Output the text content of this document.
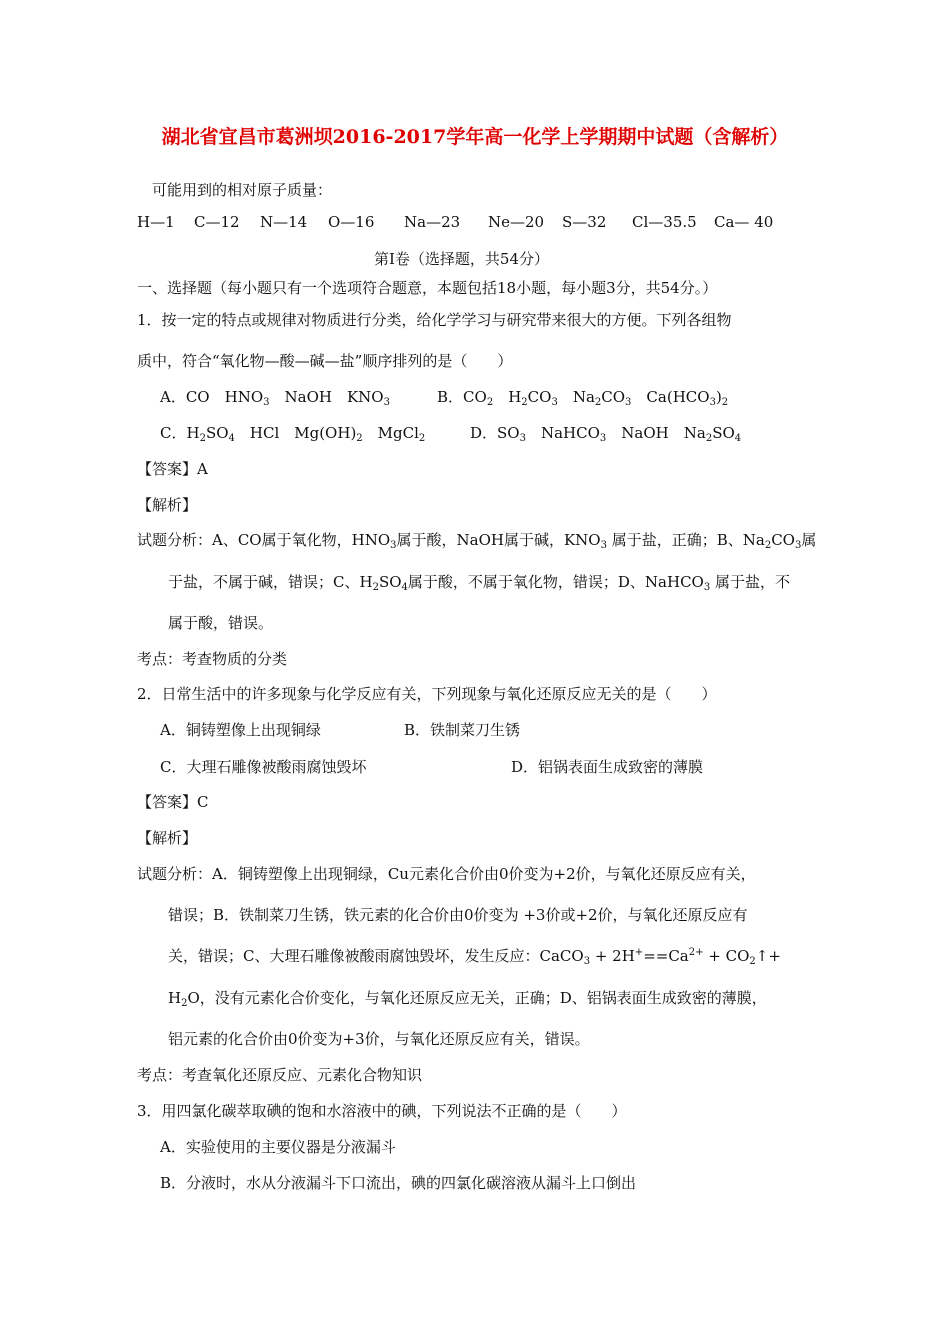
湖北省宜昌市葛洲坝2016-2017学年高一化学上学期期中试题（含解析）
可能用到的相对原子质量：
H—1 C—12 N—14 O—16 Na—23 Ne—20 S—32 Cl—35.5 Ca— 40
第Ⅰ卷（选择题，共54分）
一、选择题（每小题只有一个选项符合题意，本题包括18小题，每小题3分，共54分。）
1．按一定的特点或规律对物质进行分类，给化学学习与研究带来很大的方便。下列各组物
质中，符合“氧化物—酸—碱—盐”顺序排列的是（　　）
A．CO　$HNO_3$　NaOH　$KNO_3$	B．$CO_2$　$H_2CO_3$　$Na_2CO_3$　$Ca(HCO_3)_2$
C．$H_2SO_4$　HCl　$Mg(OH)_2$　MgCl$_2$	D．$SO_3$　NaHCO$_3$　NaOH　$Na_2SO_4$
【答案】A
【解析】
试题分析：A、CO属于氧化物，$HNO_3$属于酸，NaOH属于碱，$KNO_3$ 属于盐，正确；B、$Na_2CO_3$属
于盐，不属于碱，错误；C、$H_2SO_4$属于酸，不属于氧化物，错误；D、NaHCO$_3$ 属于盐，不
属于酸，错误。
考点：考查物质的分类
2．日常生活中的许多现象与化学反应有关，下列现象与氧化还原反应无关的是（　　）
A．铜铸塑像上出现铜绿	B．铁制菜刀生锈
C．大理石雕像被酸雨腐蚀毁坏	D．铝锅表面生成致密的薄膜
【答案】C
【解析】
试题分析：A．铜铸塑像上出现铜绿，Cu元素化合价由0价变为+2价，与氧化还原反应有关，
错误；B．铁制菜刀生锈，铁元素的化合价由0价变为 +3价或+2价，与氧化还原反应有
关，错误；C、大理石雕像被酸雨腐蚀毁坏，发生反应：CaCO$_3$ + $2H^+==Ca^{2+}$ + $CO_2↑+$
$H_2O$，没有元素化合价变化，与氧化还原反应无关，正确；D、铝锅表面生成致密的薄膜，
铝元素的化合价由0价变为+3价，与氧化还原反应有关，错误。
考点：考查氧化还原反应、元素化合物知识
3．用四氯化碳萃取碘的饱和水溶液中的碘，下列说法不正确的是（　　）
A．实验使用的主要仪器是分液漏斗
B．分液时，水从分液漏斗下口流出，碘的四氯化碳溶液从漏斗上口倒出
